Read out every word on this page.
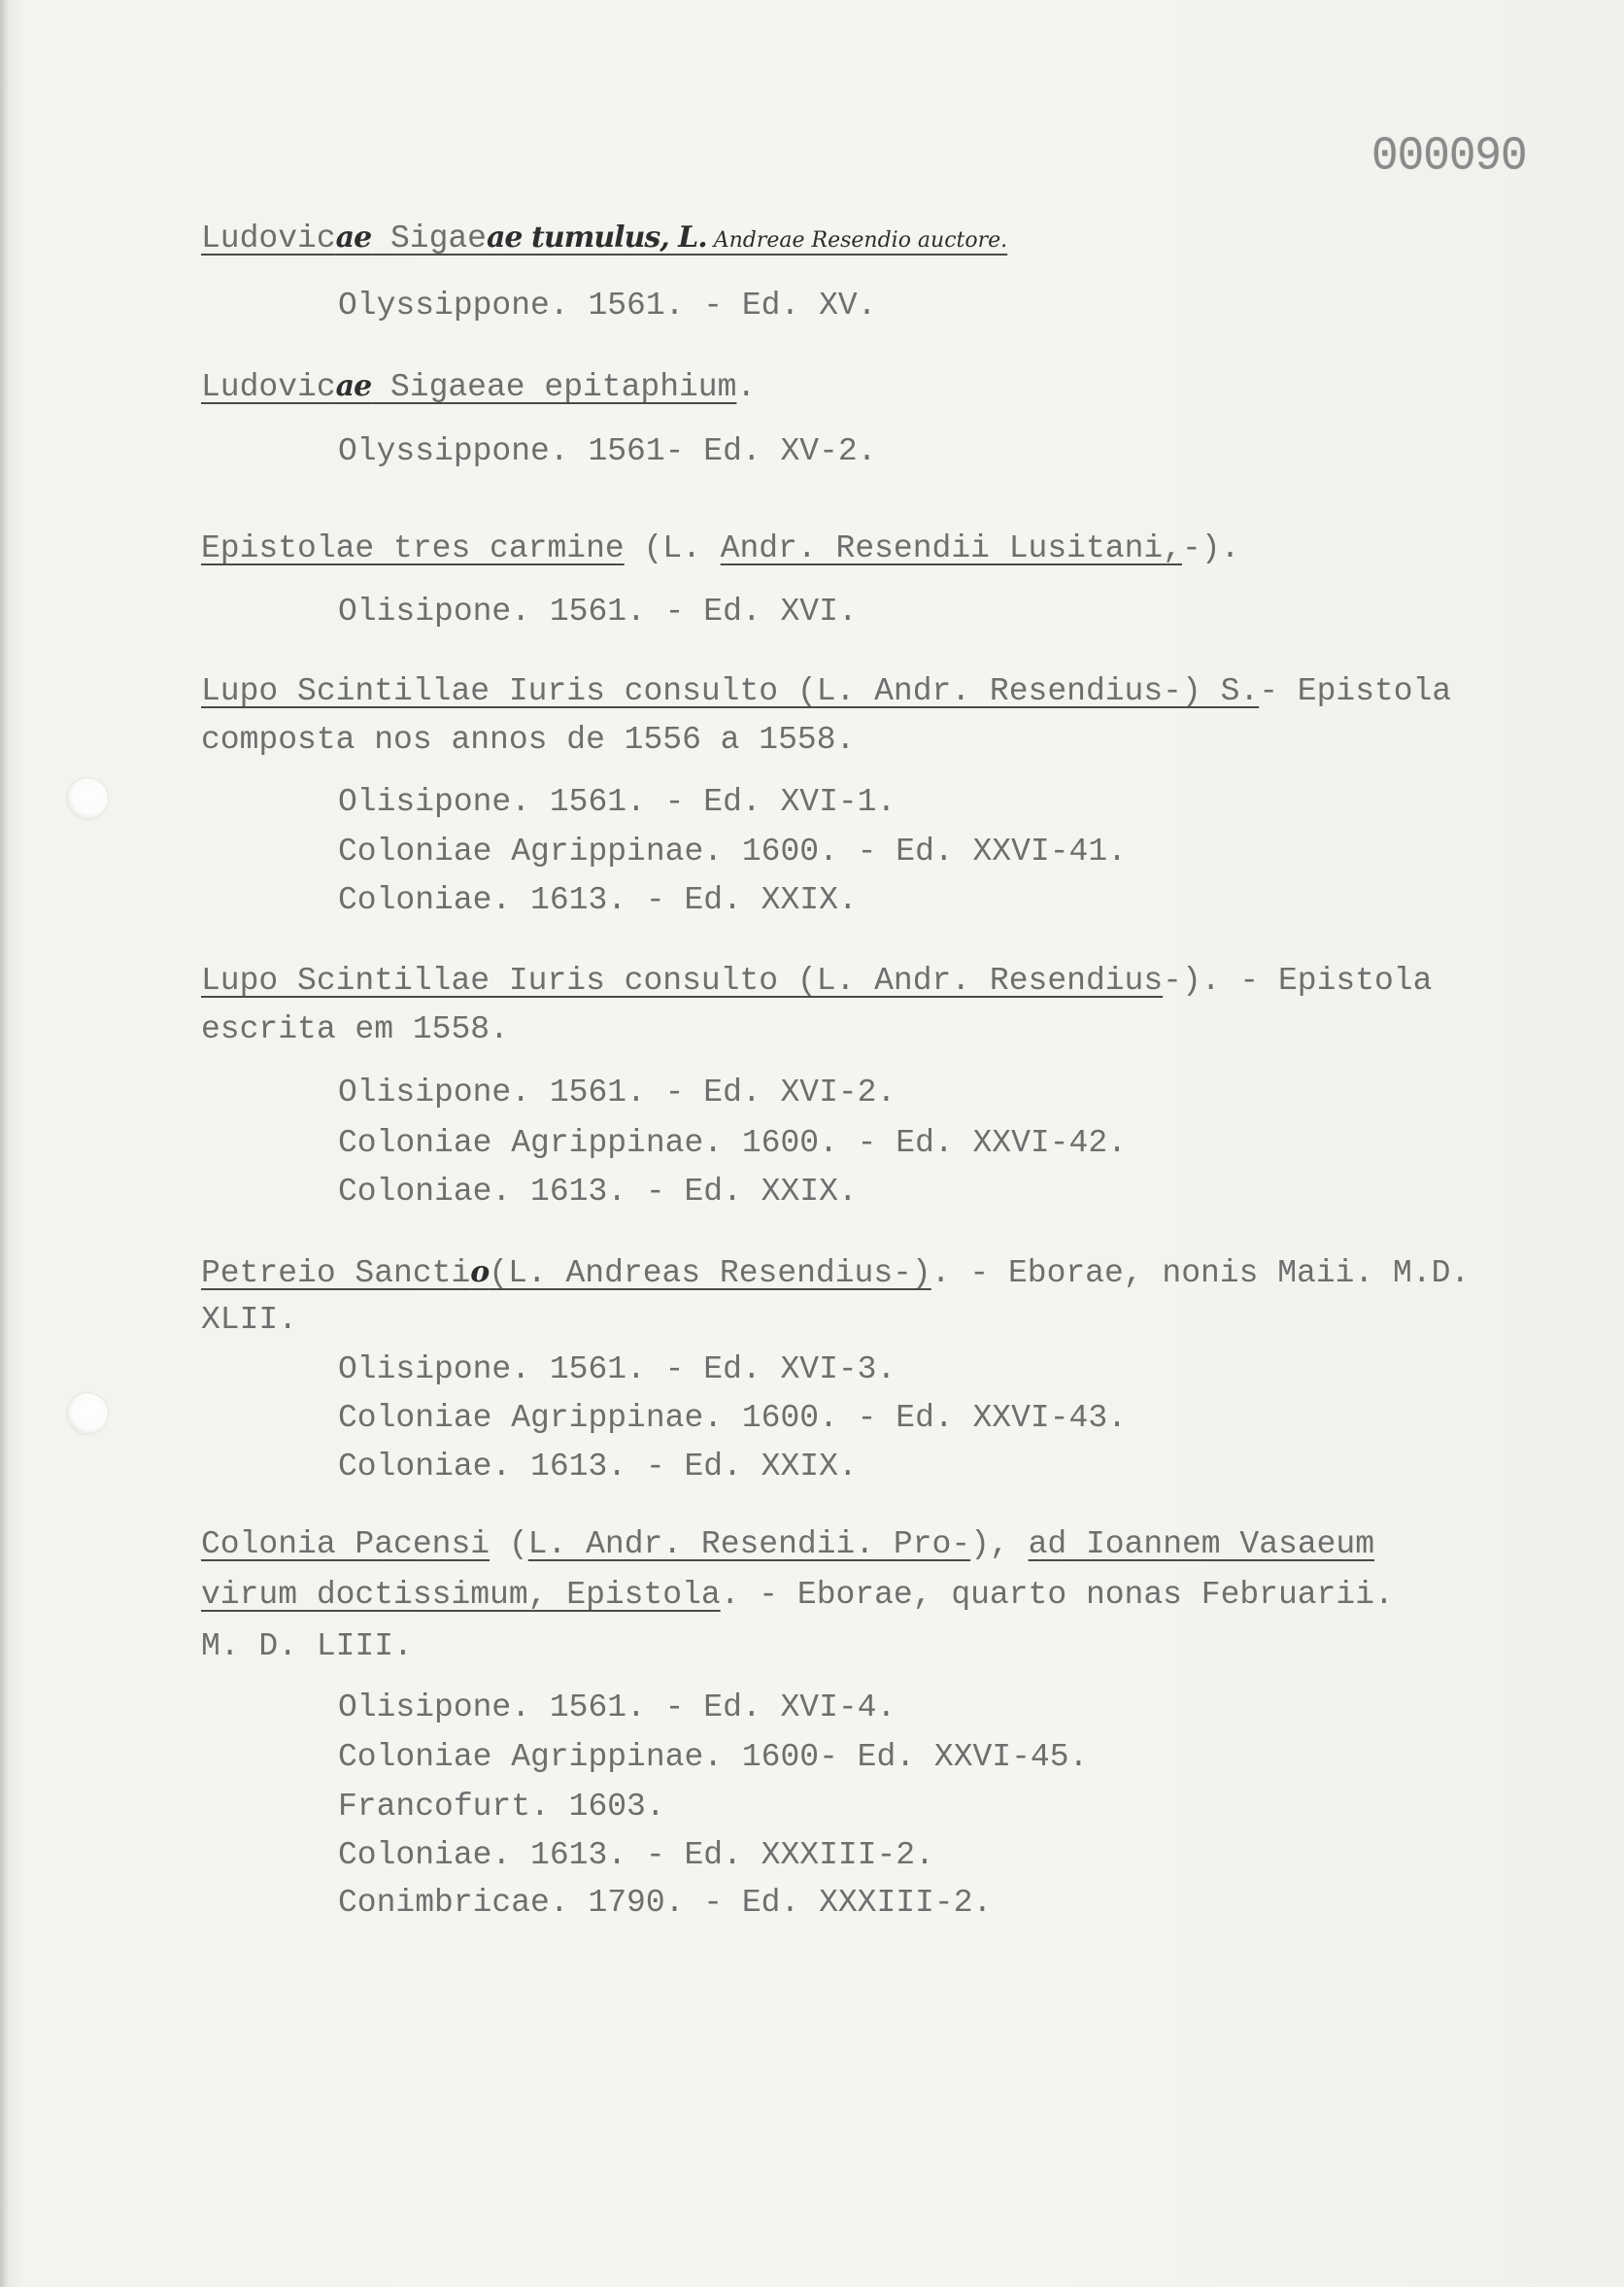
000090
Ludovicae Sigaeae tumulus, L. Andreae Resendio auctore.
Olyssippone. 1561. - Ed. XV.
Ludovicae Sigaeae epitaphium.
Olyssippone. 1561- Ed. XV-2.
Epistolae tres carmine (L. Andr. Resendii Lusitani,-).
Olisipone. 1561. - Ed. XVI.
Lupo Scintillae Iuris consulto (L. Andr. Resendius-) S.- Epistola
composta nos annos de 1556 a 1558.
Olisipone. 1561. - Ed. XVI-1.
Coloniae Agrippinae. 1600. - Ed. XXVI-41.
Coloniae. 1613. - Ed. XXIX.
Lupo Scintillae Iuris consulto (L. Andr. Resendius-). - Epistola
escrita em 1558.
Olisipone. 1561. - Ed. XVI-2.
Coloniae Agrippinae. 1600. - Ed. XXVI-42.
Coloniae. 1613. - Ed. XXIX.
Petreio Sanctio(L. Andreas Resendius-). - Eborae, nonis Maii. M.D.
XLII.
Olisipone. 1561. - Ed. XVI-3.
Coloniae Agrippinae. 1600. - Ed. XXVI-43.
Coloniae. 1613. - Ed. XXIX.
Colonia Pacensi (L. Andr. Resendii. Pro-), ad Ioannem Vasaeum
virum doctissimum, Epistola. - Eborae, quarto nonas Februarii.
M. D. LIII.
Olisipone. 1561. - Ed. XVI-4.
Coloniae Agrippinae. 1600- Ed. XXVI-45.
Francofurt. 1603.
Coloniae. 1613. - Ed. XXXIII-2.
Conimbricae. 1790. - Ed. XXXIII-2.
